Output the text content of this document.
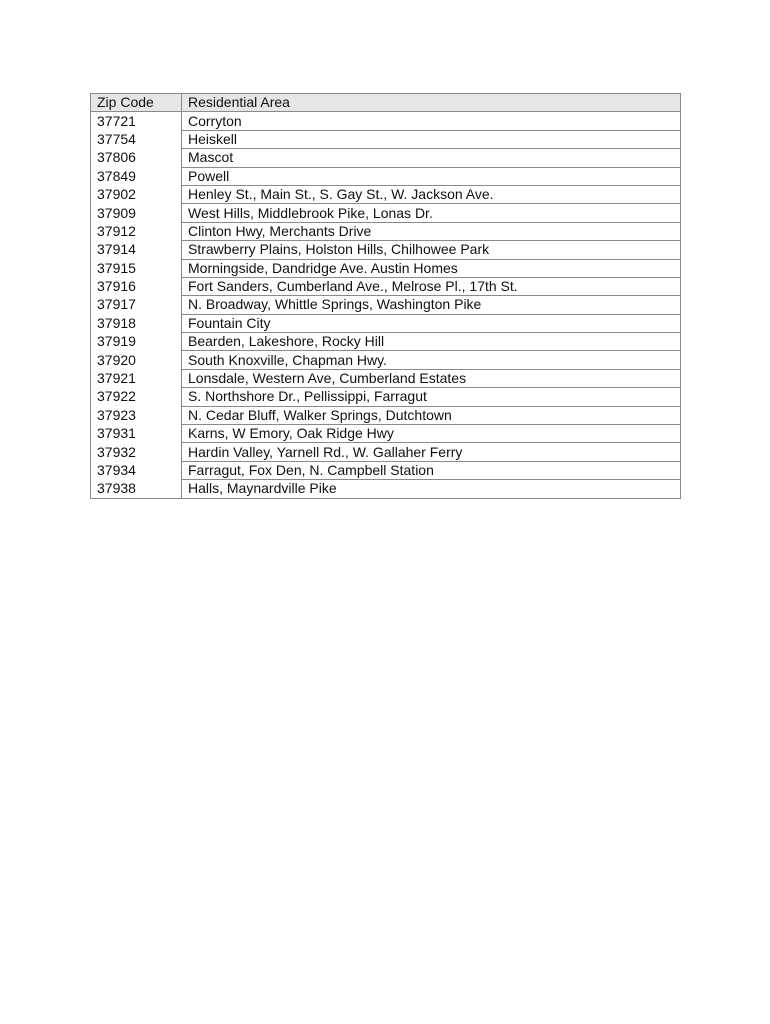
Zip Code	Residential Area
37721	Corryton
37754	Heiskell
37806	Mascot
37849	Powell
37902	Henley St., Main St., S. Gay St., W. Jackson Ave.
37909	West Hills, Middlebrook Pike, Lonas Dr.
37912	Clinton Hwy, Merchants Drive
37914	Strawberry Plains, Holston Hills, Chilhowee Park
37915	Morningside, Dandridge Ave. Austin Homes
37916	Fort Sanders, Cumberland Ave., Melrose Pl., 17th St.
37917	N. Broadway, Whittle Springs, Washington Pike
37918	Fountain City
37919	Bearden, Lakeshore, Rocky Hill
37920	South Knoxville, Chapman Hwy.
37921	Lonsdale, Western Ave, Cumberland Estates
37922	S. Northshore Dr., Pellissippi, Farragut
37923	N. Cedar Bluff, Walker Springs, Dutchtown
37931	Karns, W Emory, Oak Ridge Hwy
37932	Hardin Valley, Yarnell Rd., W. Gallaher Ferry
37934	Farragut, Fox Den, N. Campbell Station
37938	Halls, Maynardville Pike
